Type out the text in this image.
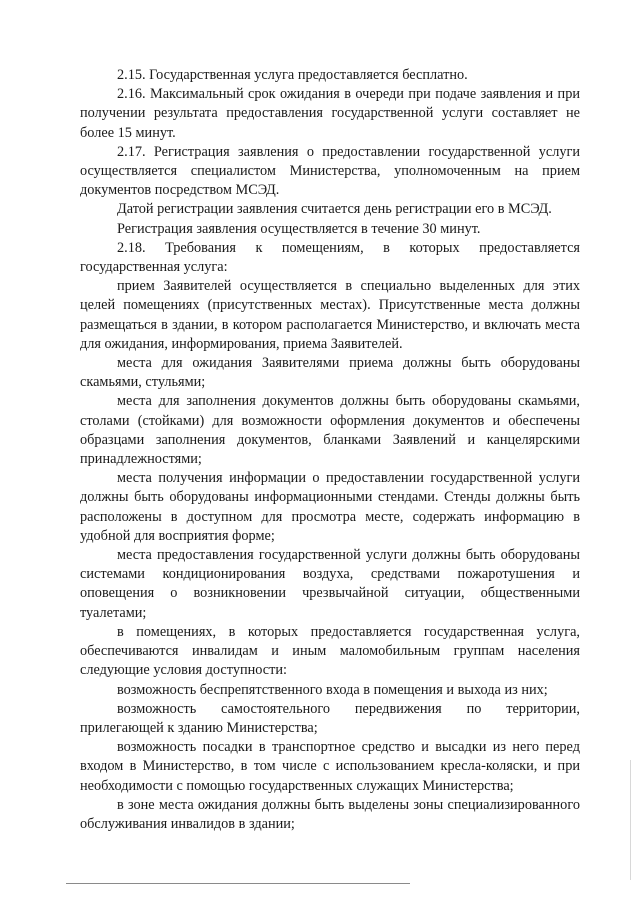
2.15. Государственная услуга предоставляется бесплатно.

2.16. Максимальный срок ожидания в очереди при подаче заявления и при получении результата предоставления государственной услуги составляет не более 15 минут.

2.17. Регистрация заявления о предоставлении государственной услуги осуществляется специалистом Министерства, уполномоченным на прием документов посредством МСЭД.

Датой регистрации заявления считается день регистрации его в МСЭД.

Регистрация заявления осуществляется в течение 30 минут.

2.18. Требования к помещениям, в которых предоставляется государственная услуга:

прием Заявителей осуществляется в специально выделенных для этих целей помещениях (присутственных местах). Присутственные места должны размещаться в здании, в котором располагается Министерство, и включать места для ожидания, информирования, приема Заявителей.

места для ожидания Заявителями приема должны быть оборудованы скамьями, стульями;

места для заполнения документов должны быть оборудованы скамьями, столами (стойками) для возможности оформления документов и обеспечены образцами заполнения документов, бланками Заявлений и канцелярскими принадлежностями;

места получения информации о предоставлении государственной услуги должны быть оборудованы информационными стендами. Стенды должны быть расположены в доступном для просмотра месте, содержать информацию в удобной для восприятия форме;

места предоставления государственной услуги должны быть оборудованы системами кондиционирования воздуха, средствами пожаротушения и оповещения о возникновении чрезвычайной ситуации, общественными туалетами;

в помещениях, в которых предоставляется государственная услуга, обеспечиваются инвалидам и иным маломобильным группам населения следующие условия доступности:

возможность беспрепятственного входа в помещения и выхода из них;

возможность самостоятельного передвижения по территории, прилегающей к зданию Министерства;

возможность посадки в транспортное средство и высадки из него перед входом в Министерство, в том числе с использованием кресла-коляски, и при необходимости с помощью государственных служащих Министерства;

в зоне места ожидания должны быть выделены зоны специализированного обслуживания инвалидов в здании;
